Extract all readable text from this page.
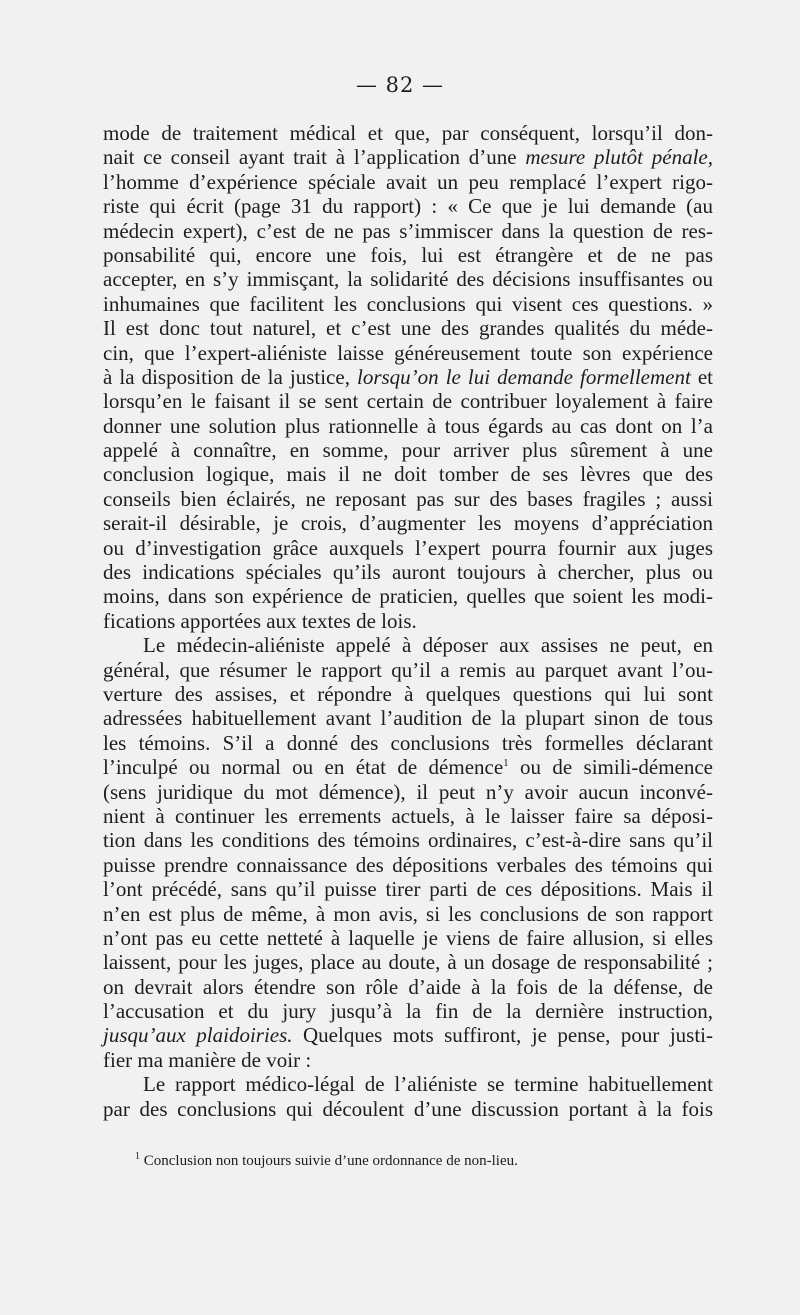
— 82 —
mode de traitement médical et que, par conséquent, lorsqu’il don-
nait ce conseil ayant trait à l’application d’une mesure plutôt pénale,
l’homme d’expérience spéciale avait un peu remplacé l’expert rigo-
riste qui écrit (page 31 du rapport) : « Ce que je lui demande (au
médecin expert), c’est de ne pas s’immiscer dans la question de res-
ponsabilité qui, encore une fois, lui est étrangère et de ne pas
accepter, en s’y immisçant, la solidarité des décisions insuffisantes ou
inhumaines que facilitent les conclusions qui visent ces questions. »
Il est donc tout naturel, et c’est une des grandes qualités du méde-
cin, que l’expert-aliéniste laisse généreusement toute son expérience
à la disposition de la justice, lorsqu’on le lui demande formellement et
lorsqu’en le faisant il se sent certain de contribuer loyalement à faire
donner une solution plus rationnelle à tous égards au cas dont on l’a
appelé à connaître, en somme, pour arriver plus sûrement à une
conclusion logique, mais il ne doit tomber de ses lèvres que des
conseils bien éclairés, ne reposant pas sur des bases fragiles ; aussi
serait-il désirable, je crois, d’augmenter les moyens d’appréciation
ou d’investigation grâce auxquels l’expert pourra fournir aux juges
des indications spéciales qu’ils auront toujours à chercher, plus ou
moins, dans son expérience de praticien, quelles que soient les modi-
fications apportées aux textes de lois.
Le médecin-aliéniste appelé à déposer aux assises ne peut, en
général, que résumer le rapport qu’il a remis au parquet avant l’ou-
verture des assises, et répondre à quelques questions qui lui sont
adressées habituellement avant l’audition de la plupart sinon de tous
les témoins. S’il a donné des conclusions très formelles déclarant
l’inculpé ou normal ou en état de démence$^1$ ou de simili-démence
(sens juridique du mot démence), il peut n’y avoir aucun inconvé-
nient à continuer les errements actuels, à le laisser faire sa déposi-
tion dans les conditions des témoins ordinaires, c’est-à-dire sans qu’il
puisse prendre connaissance des dépositions verbales des témoins qui
l’ont précédé, sans qu’il puisse tirer parti de ces dépositions. Mais il
n’en est plus de même, à mon avis, si les conclusions de son rapport
n’ont pas eu cette netteté à laquelle je viens de faire allusion, si elles
laissent, pour les juges, place au doute, à un dosage de responsabilité ;
on devrait alors étendre son rôle d’aide à la fois de la défense, de
l’accusation et du jury jusqu’à la fin de la dernière instruction,
jusqu’aux plaidoiries. Quelques mots suffiront, je pense, pour justi-
fier ma manière de voir :
Le rapport médico-légal de l’aliéniste se termine habituellement
par des conclusions qui découlent d’une discussion portant à la fois
$^1$ Conclusion non toujours suivie d’une ordonnance de non-lieu.
